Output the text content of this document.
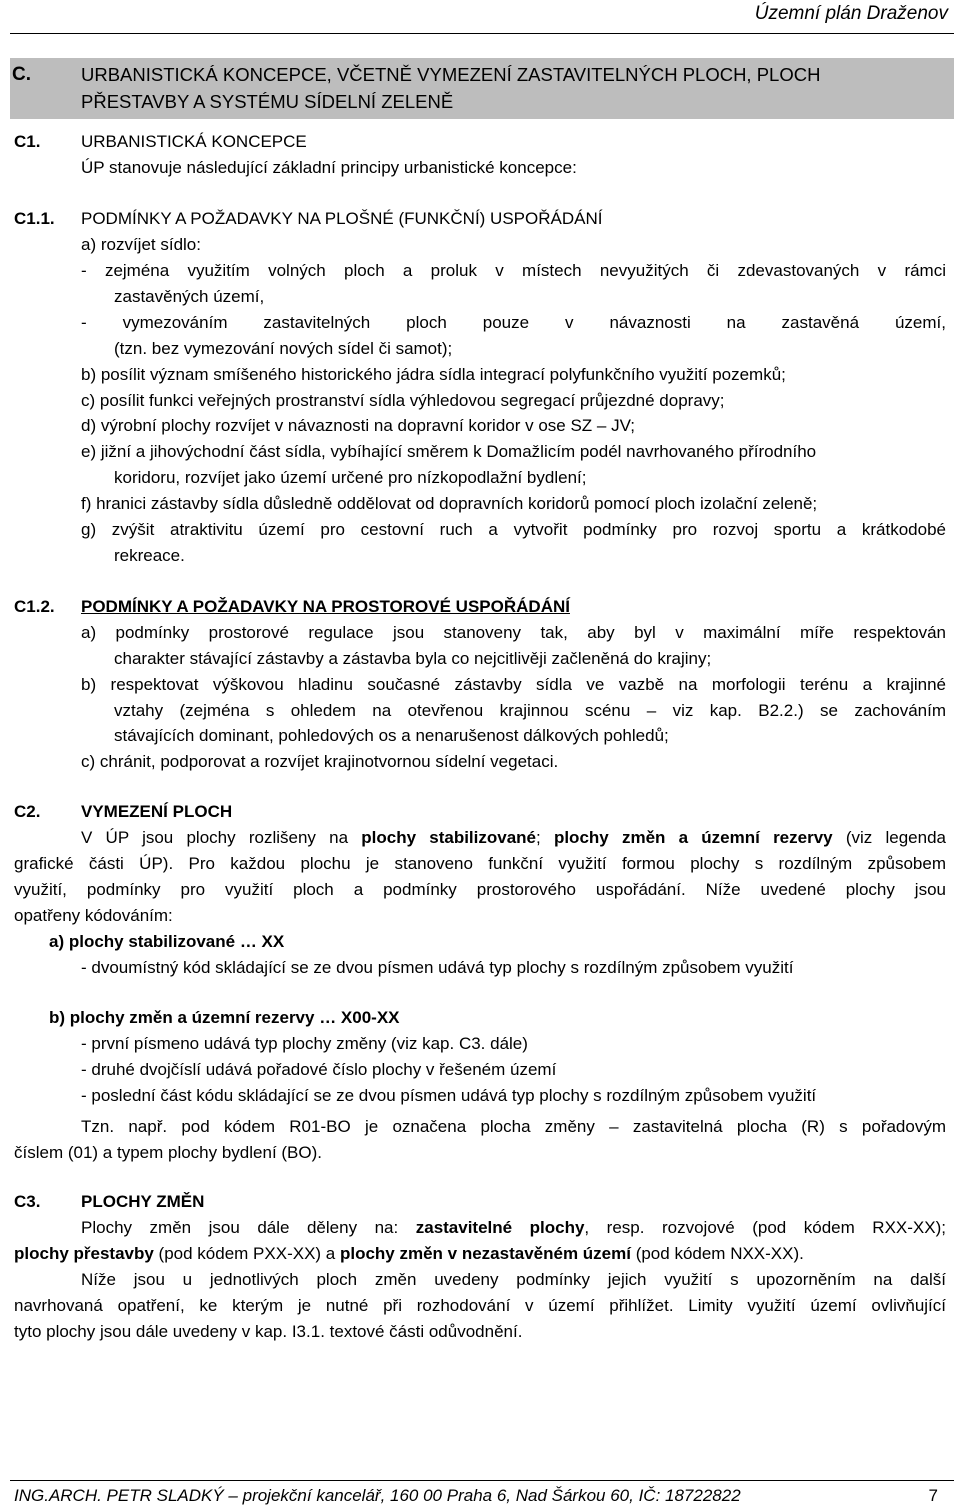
Územní plán Draženov
C.	URBANISTICKÁ KONCEPCE, VČETNĚ VYMEZENÍ ZASTAVITELNÝCH PLOCH, PLOCH
PŘESTAVBY A SYSTÉMU SÍDELNÍ ZELENĚ
C1. URBANISTICKÁ KONCEPCE
ÚP stanovuje následující základní principy urbanistické koncepce:
C1.1. PODMÍNKY A POŽADAVKY NA PLOŠNÉ (FUNKČNÍ) USPOŘÁDÁNÍ
a) rozvíjet sídlo:
- zejména využitím volných ploch a proluk v místech nevyužitých či zdevastovaných v rámci
zastavěných území,
- vymezováním zastavitelných ploch pouze v návaznosti na zastavěná území,
(tzn. bez vymezování nových sídel či samot);
b) posílit význam smíšeného historického jádra sídla integrací polyfunkčního využití pozemků;
c) posílit funkci veřejných prostranství sídla výhledovou segregací průjezdné dopravy;
d) výrobní plochy rozvíjet v návaznosti na dopravní koridor v ose SZ – JV;
e) jižní a jihovýchodní část sídla, vybíhající směrem k Domažlicím podél navrhovaného přírodního
koridoru, rozvíjet jako území určené pro nízkopodlažní bydlení;
f) hranici zástavby sídla důsledně oddělovat od dopravních koridorů pomocí ploch izolační zeleně;
g) zvýšit atraktivitu území pro cestovní ruch a vytvořit podmínky pro rozvoj sportu a krátkodobé
rekreace.
C1.2. PODMÍNKY A POŽADAVKY NA PROSTOROVÉ USPOŘÁDÁNÍ
a) podmínky prostorové regulace jsou stanoveny tak, aby byl v maximální míře respektován
charakter stávající zástavby a zástavba byla co nejcitlivěji začleněná do krajiny;
b) respektovat výškovou hladinu současné zástavby sídla ve vazbě na morfologii terénu a krajinné
vztahy (zejména s ohledem na otevřenou krajinnou scénu – viz kap. B2.2.) se zachováním
stávajících dominant, pohledových os a nenarušenost dálkových pohledů;
c) chránit, podporovat a rozvíjet krajinotvornou sídelní vegetaci.
C2. VYMEZENÍ PLOCH
V ÚP jsou plochy rozlišeny na plochy stabilizované; plochy změn a územní rezervy (viz legenda
grafické části ÚP). Pro každou plochu je stanoveno funkční využití formou plochy s rozdílným způsobem
využití, podmínky pro využití ploch a podmínky prostorového uspořádání. Níže uvedené plochy jsou
opatřeny kódováním:
a) plochy stabilizované … XX
- dvoumístný kód skládající se ze dvou písmen udává typ plochy s rozdílným způsobem využití
b) plochy změn a územní rezervy … X00-XX
- první písmeno udává typ plochy změny (viz kap. C3. dále)
- druhé dvojčíslí udává pořadové číslo plochy v řešeném území
- poslední část kódu skládající se ze dvou písmen udává typ plochy s rozdílným způsobem využití
Tzn. např. pod kódem R01-BO je označena plocha změny – zastavitelná plocha (R) s pořadovým
číslem (01) a typem plochy bydlení (BO).
C3. PLOCHY ZMĚN
Plochy změn jsou dále děleny na: zastavitelné plochy, resp. rozvojové (pod kódem RXX-XX);
plochy přestavby (pod kódem PXX-XX) a plochy změn v nezastavěném území (pod kódem NXX-XX).
Níže jsou u jednotlivých ploch změn uvedeny podmínky jejich využití s upozorněním na další
navrhovaná opatření, ke kterým je nutné při rozhodování v území přihlížet. Limity využití území ovlivňující
tyto plochy jsou dále uvedeny v kap. I3.1. textové části odůvodnění.
ING.ARCH. PETR SLADKÝ – projekční kancelář, 160 00 Praha 6, Nad Šárkou 60, IČ: 18722822	7
